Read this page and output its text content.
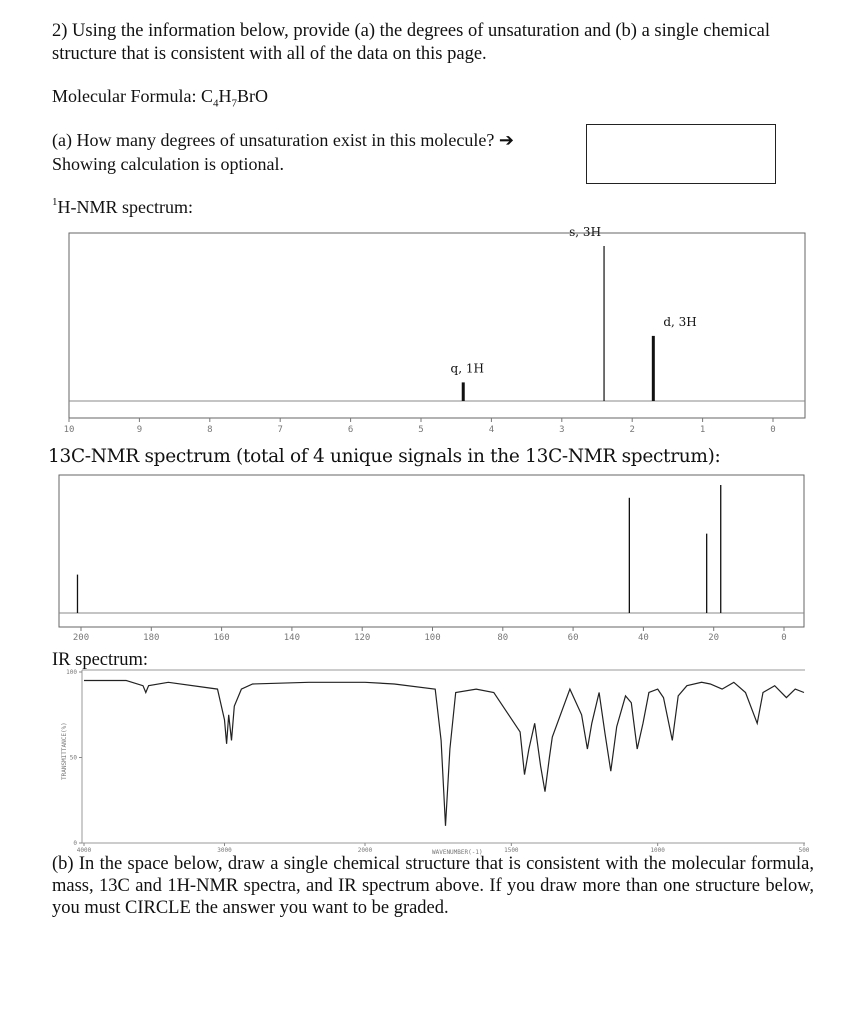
2) Using the information below, provide (a) the degrees of unsaturation and (b) a single chemical structure that is consistent with all of the data on this page.
Molecular Formula: $C_4H_7BrO$
(a) How many degrees of unsaturation exist in this molecule? ➔
Showing calculation is optional.
$^1$H-NMR spectrum:
13C-NMR spectrum (total of 4 unique signals in the 13C-NMR spectrum):
IR spectrum:
10	9	8	7	6	5	4	3	2	1	0
q, 1H
s, 3H
d, 3H
200	180	160	140	120	100	80	60	40	20	0
4000	3000	2000	1500	1000	500
100
50
0
WAVENUMBER(-1)
TRANSMITTANCE(%)
(b) In the space below, draw a single chemical structure that is consistent with the molecular formula, mass, 13C and 1H-NMR spectra, and IR spectrum above. If you draw more than one structure below, you must CIRCLE the answer you want to be graded.
